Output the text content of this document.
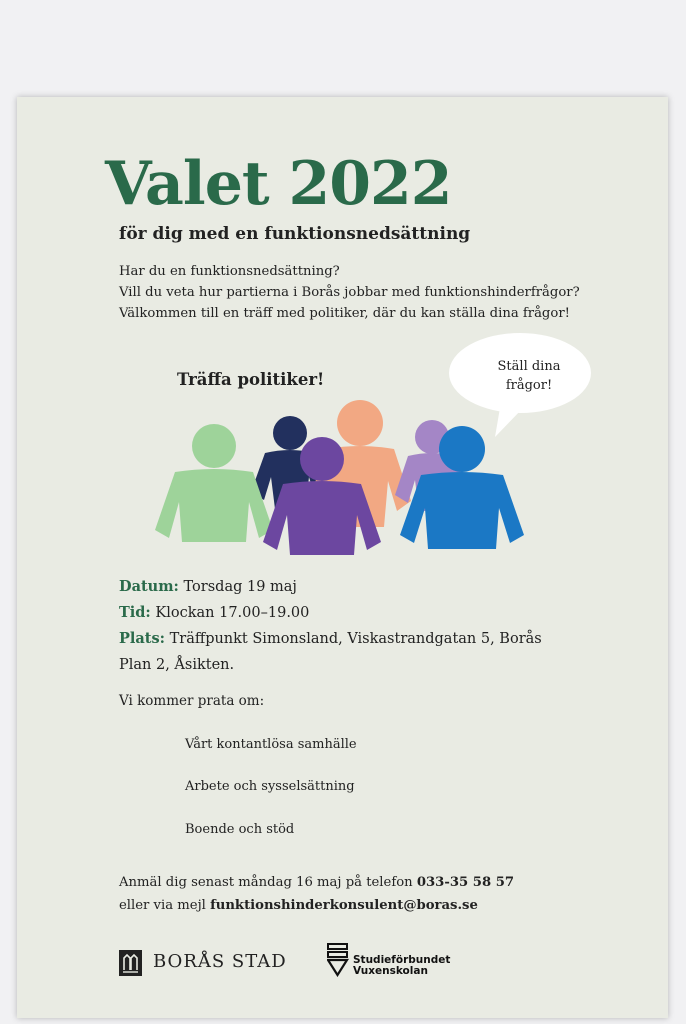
Valet 2022
för dig med en funktionsnedsättning
Har du en funktionsnedsättning?
Vill du veta hur partierna i Borås jobbar med funktionshinderfrågor?
Välkommen till en träff med politiker, där du kan ställa dina frågor!
Träffa politiker!
Ställ dina
frågor!
Datum: Torsdag 19 maj
Tid: Klockan 17.00–19.00
Plats: Träffpunkt Simonsland, Viskastrandgatan 5, Borås
Plan 2, Åsikten.
Vi kommer prata om:
Vårt kontantlösa samhälle
Arbete och sysselsättning
Boende och stöd
Anmäl dig senast måndag 16 maj på telefon 033-35 58 57
eller via mejl funktionshinderkonsulent@boras.se
BORÅS STAD	Studieförbundet
Vuxenskolan
